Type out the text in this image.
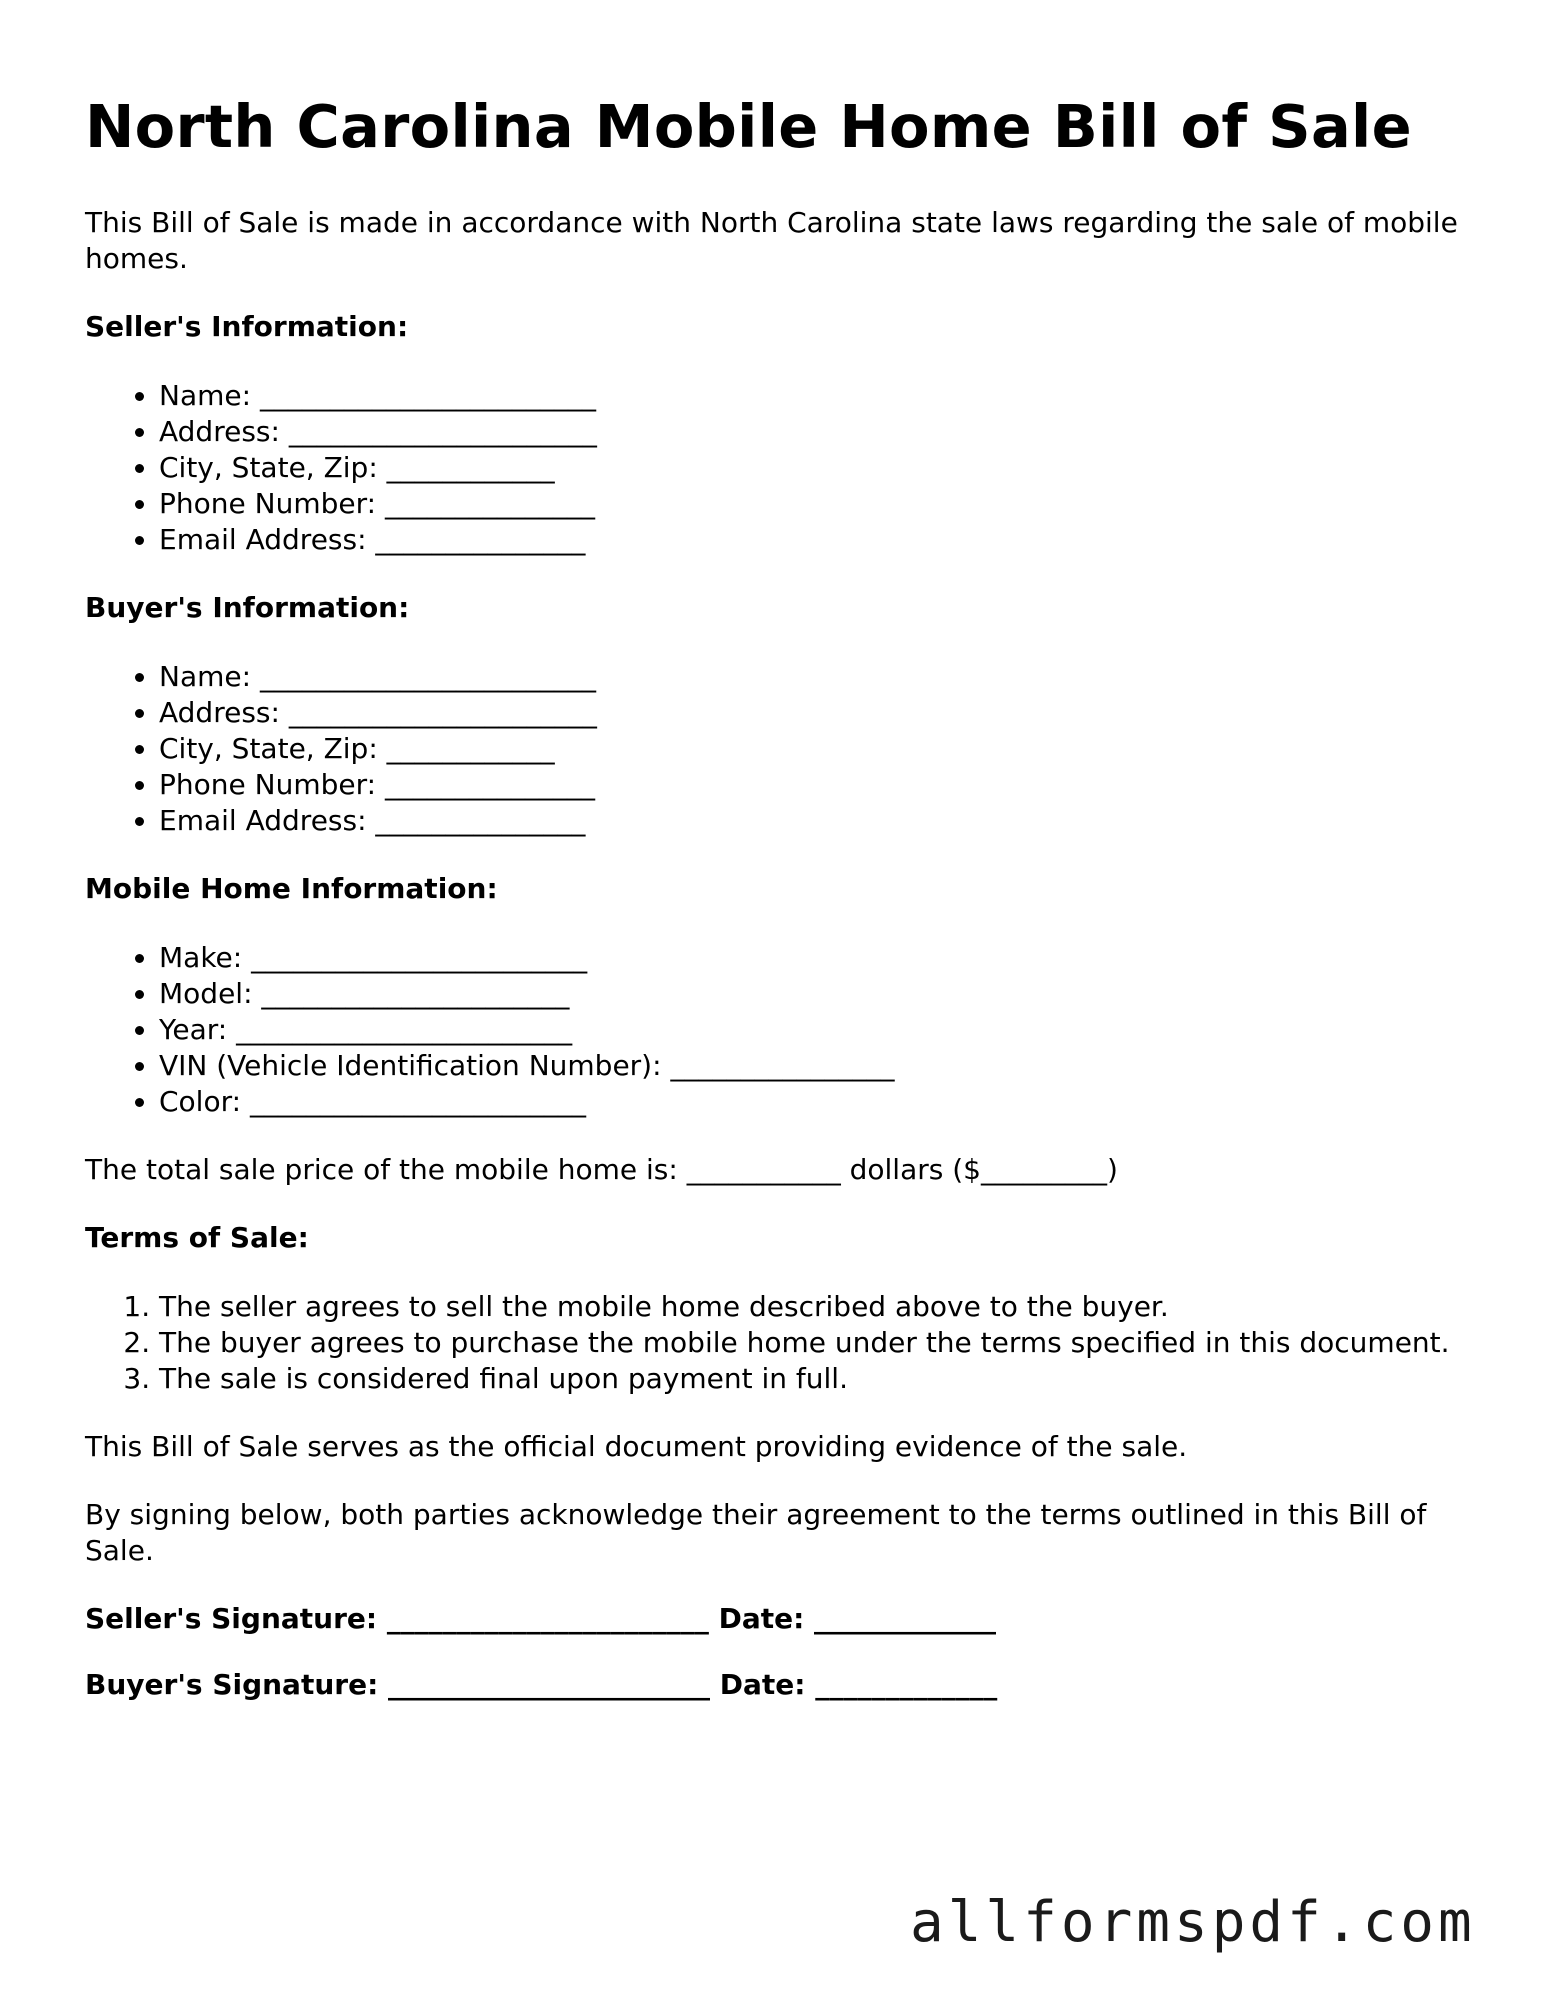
North Carolina Mobile Home Bill of Sale

This Bill of Sale is made in accordance with North Carolina state laws regarding the sale of mobile homes.

Seller's Information:

• Name: ________________________
• Address: ______________________
• City, State, Zip: ____________
• Phone Number: _______________
• Email Address: _______________

Buyer's Information:

• Name: ________________________
• Address: ______________________
• City, State, Zip: ____________
• Phone Number: _______________
• Email Address: _______________

Mobile Home Information:

• Make: ________________________
• Model: ______________________
• Year: ________________________
• VIN (Vehicle Identification Number): ________________
• Color: ________________________

The total sale price of the mobile home is: ___________ dollars ($_________)

Terms of Sale:

1. The seller agrees to sell the mobile home described above to the buyer.
2. The buyer agrees to purchase the mobile home under the terms specified in this document.
3. The sale is considered final upon payment in full.

This Bill of Sale serves as the official document providing evidence of the sale.

By signing below, both parties acknowledge their agreement to the terms outlined in this Bill of Sale.

Seller's Signature: _______________________ Date: _____________

Buyer's Signature: _______________________ Date: _____________

allformspdf.com
